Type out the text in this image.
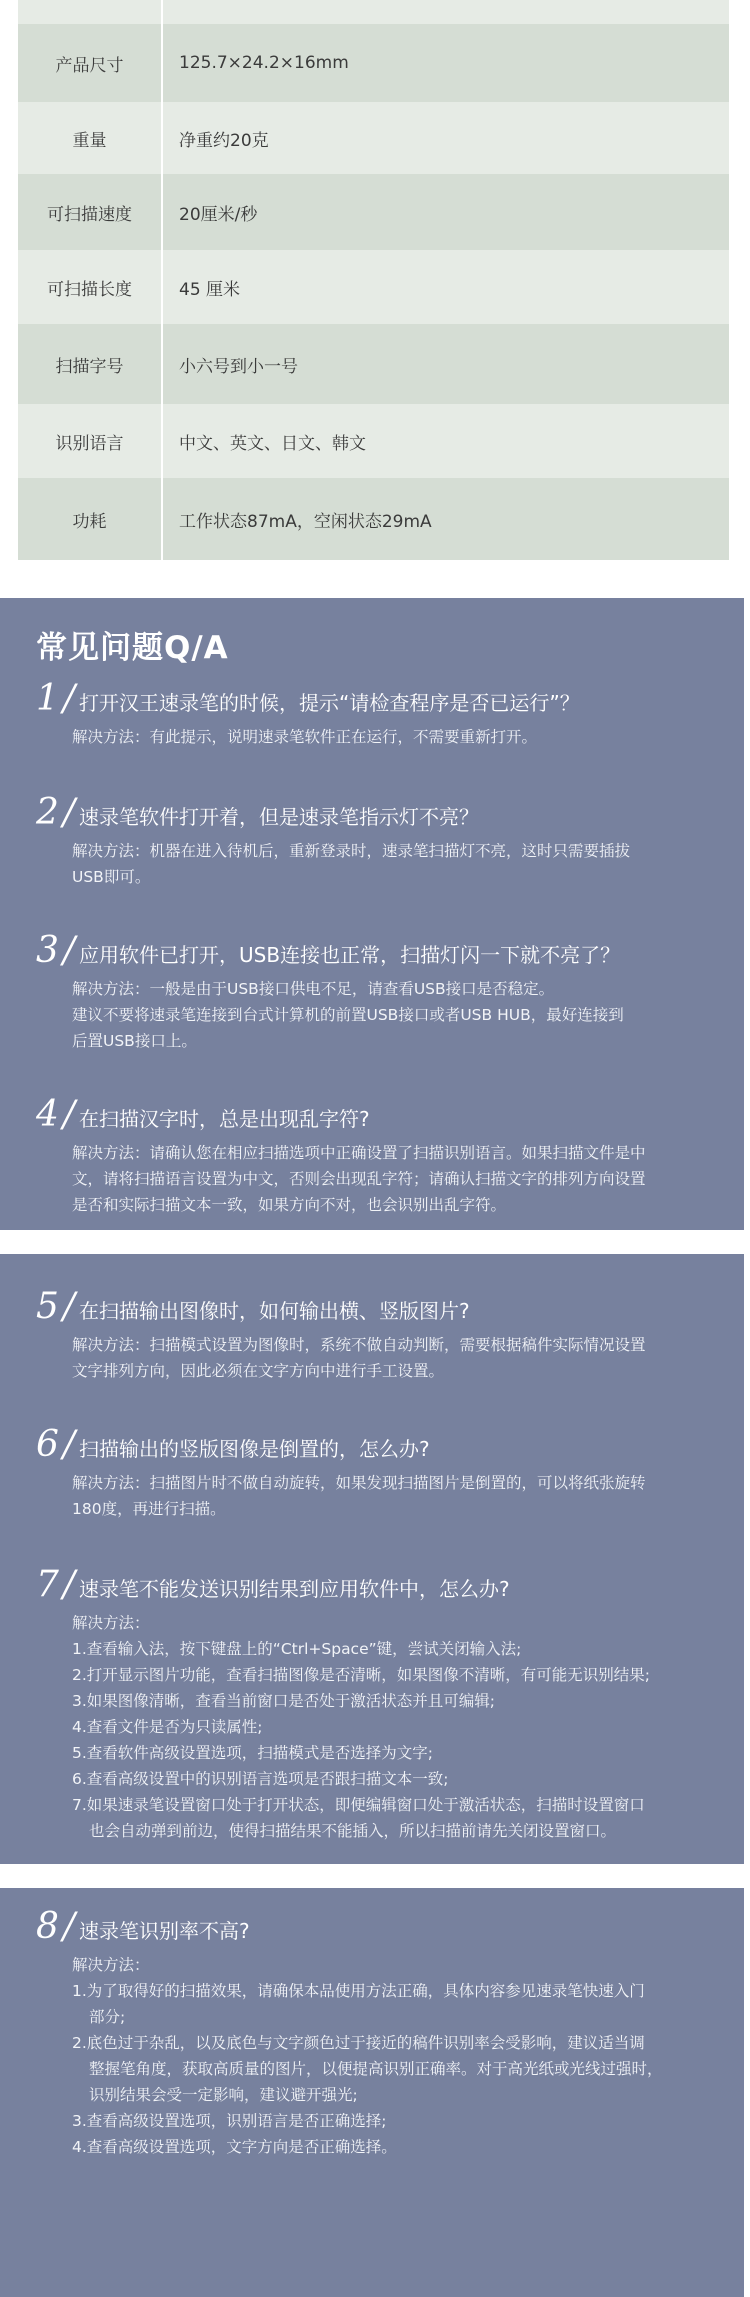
产品尺寸	125.7×24.2×16mm
重量	净重约20克
可扫描速度	20厘米/秒
可扫描长度	45 厘米
扫描字号	小六号到小一号
识别语言	中文、英文、日文、韩文
功耗	工作状态87mA，空闲状态29mA
常见问题Q/A
1 / 打开汉王速录笔的时候，提示“请检查程序是否已运行”？
解决方法：有此提示，说明速录笔软件正在运行，不需要重新打开。
2 / 速录笔软件打开着，但是速录笔指示灯不亮？
解决方法：机器在进入待机后，重新登录时，速录笔扫描灯不亮，这时只需要插拔
USB即可。
3 / 应用软件已打开，USB连接也正常，扫描灯闪一下就不亮了？
解决方法：一般是由于USB接口供电不足，请查看USB接口是否稳定。
建议不要将速录笔连接到台式计算机的前置USB接口或者USB HUB，最好连接到
后置USB接口上。
4 / 在扫描汉字时，总是出现乱字符?
解决方法：请确认您在相应扫描选项中正确设置了扫描识别语言。如果扫描文件是中
文，请将扫描语言设置为中文，否则会出现乱字符；请确认扫描文字的排列方向设置
是否和实际扫描文本一致，如果方向不对，也会识别出乱字符。
5 / 在扫描输出图像时，如何输出横、竖版图片?
解决方法：扫描模式设置为图像时，系统不做自动判断，需要根据稿件实际情况设置
文字排列方向，因此必须在文字方向中进行手工设置。
6 / 扫描输出的竖版图像是倒置的，怎么办?
解决方法：扫描图片时不做自动旋转，如果发现扫描图片是倒置的，可以将纸张旋转
180度，再进行扫描。
7 / 速录笔不能发送识别结果到应用软件中，怎么办?
解决方法：
1.查看输入法，按下键盘上的“Ctrl+Space”键，尝试关闭输入法;
2.打开显示图片功能，查看扫描图像是否清晰，如果图像不清晰，有可能无识别结果;
3.如果图像清晰，查看当前窗口是否处于激活状态并且可编辑;
4.查看文件是否为只读属性;
5.查看软件高级设置选项，扫描模式是否选择为文字;
6.查看高级设置中的识别语言选项是否跟扫描文本一致;
7.如果速录笔设置窗口处于打开状态，即便编辑窗口处于激活状态，扫描时设置窗口
也会自动弹到前边，使得扫描结果不能插入，所以扫描前请先关闭设置窗口。
8 / 速录笔识别率不高?
解决方法：
1.为了取得好的扫描效果，请确保本品使用方法正确，具体内容参见速录笔快速入门
部分;
2.底色过于杂乱，以及底色与文字颜色过于接近的稿件识别率会受影响，建议适当调
整握笔角度，获取高质量的图片，以便提高识别正确率。对于高光纸或光线过强时，
识别结果会受一定影响，建议避开强光;
3.查看高级设置选项，识别语言是否正确选择;
4.查看高级设置选项，文字方向是否正确选择。
